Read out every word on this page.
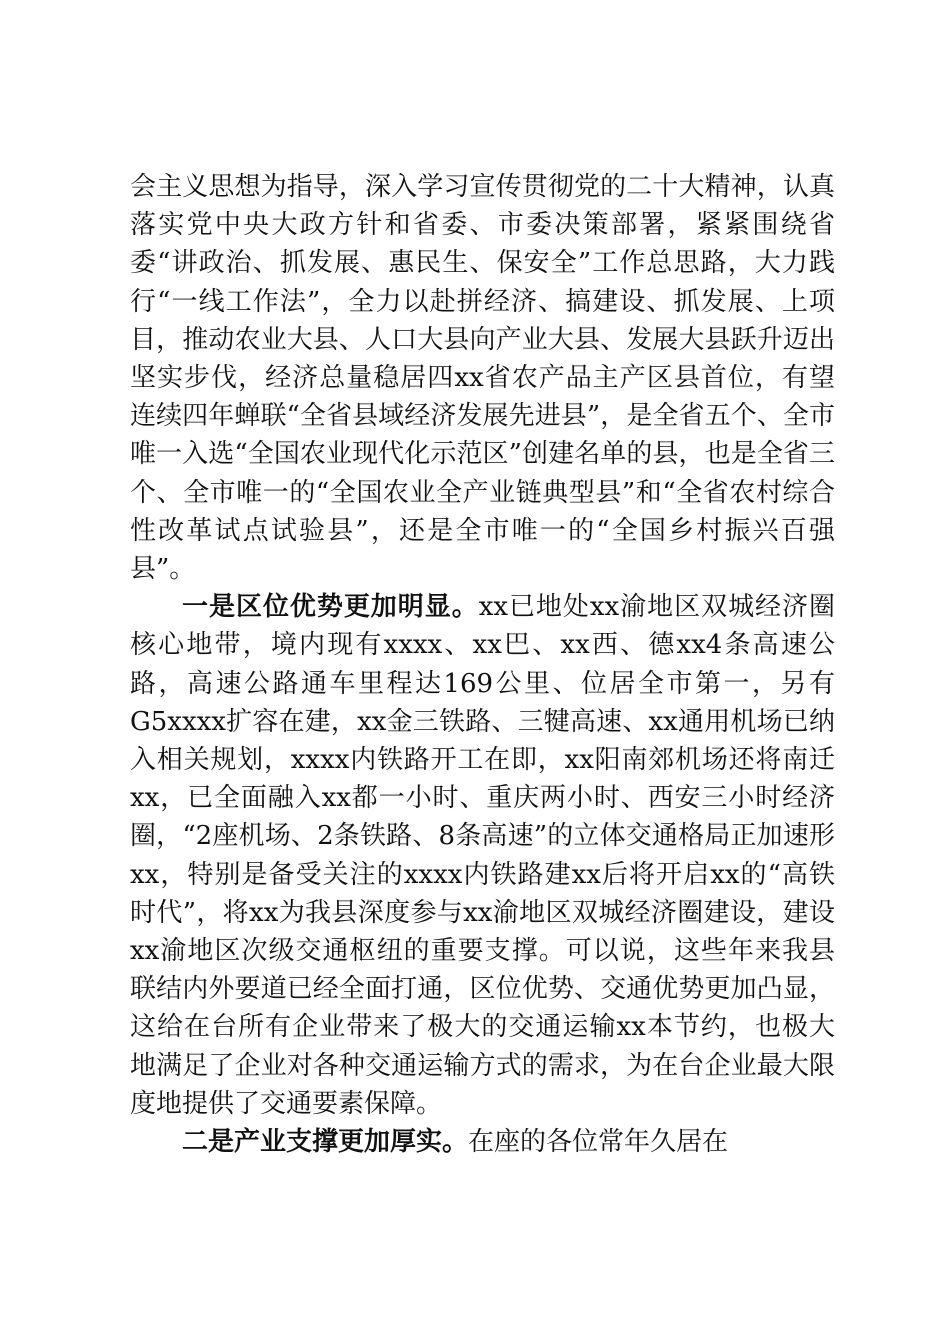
会主义思想为指导，深入学习宣传贯彻党的二十大精神，认真落实党中央大政方针和省委、市委决策部署，紧紧围绕省委“讲政治、抓发展、惠民生、保安全”工作总思路，大力践行“一线工作法”，全力以赴拼经济、搞建设、抓发展、上项目，推动农业大县、人口大县向产业大县、发展大县跃升迈出坚实步伐，经济总量稳居四xx省农产品主产区县首位，有望连续四年蝉联“全省县域经济发展先进县”，是全省五个、全市唯一入选“全国农业现代化示范区”创建名单的县，也是全省三个、全市唯一的“全国农业全产业链典型县”和“全省农村综合性改革试点试验县”，还是全市唯一的“全国乡村振兴百强县”。

一是区位优势更加明显。xx已地处xx渝地区双城经济圈核心地带，境内现有xxxx、xx巴、xx西、德xx4条高速公路，高速公路通车里程达169公里、位居全市第一，另有G5xxxx扩容在建，xx金三铁路、三犍高速、xx通用机场已纳入相关规划，xxxx内铁路开工在即，xx阳南郊机场还将南迁xx，已全面融入xx都一小时、重庆两小时、西安三小时经济圈，“2座机场、2条铁路、8条高速”的立体交通格局正加速形xx，特别是备受关注的xxxx内铁路建xx后将开启xx的“高铁时代”，将xx为我县深度参与xx渝地区双城经济圈建设，建设xx渝地区次级交通枢纽的重要支撑。可以说，这些年来我县联结内外要道已经全面打通，区位优势、交通优势更加凸显，这给在台所有企业带来了极大的交通运输xx本节约，也极大地满足了企业对各种交通运输方式的需求，为在台企业最大限度地提供了交通要素保障。

二是产业支撑更加厚实。在座的各位常年久居在
